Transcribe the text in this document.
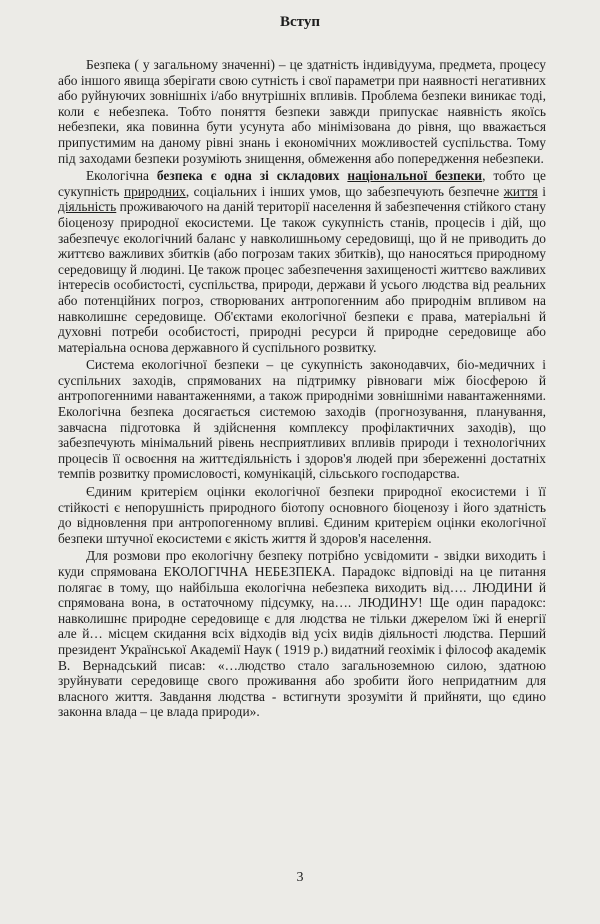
Вступ

Безпека ( у загальному значенні) – це здатність індивідуума, предмета, процесу або іншого явища зберігати свою сутність і свої параметри при наявності негативних або руйнуючих зовнішніх і/або внутрішніх впливів. Проблема безпеки виникає тоді, коли є небезпека. Тобто поняття безпеки завжди припускає наявність якоїсь небезпеки, яка повинна бути усунута або мінімізована до рівня, що вважається припустимим на даному рівні знань і економічних можливостей суспільства. Тому під заходами безпеки розуміють знищення, обмеження або попередження небезпеки.

Екологічна безпека є одна зі складових національної безпеки, тобто це сукупність природних, соціальних і інших умов, що забезпечують безпечне життя і діяльність проживаючого на даній території населення й забезпечення стійкого стану біоценозу природної екосистеми. Це також сукупність станів, процесів і дій, що забезпечує екологічний баланс у навколишньому середовищі, що й не приводить до життєво важливих збитків (або погрозам таких збитків), що наносяться природному середовищу й людині. Це також процес забезпечення захищеності життєво важливих інтересів особистості, суспільства, природи, держави й усього людства від реальних або потенційних погроз, створюваних антропогенним або природнім впливом на навколишнє середовище. Об'єктами екологічної безпеки є права, матеріальні й духовні потреби особистості, природні ресурси й природне середовище або матеріальна основа державного й суспільного розвитку.

Система екологічної безпеки – це сукупність законодавчих, біо-медичних і суспільних заходів, спрямованих на підтримку рівноваги між біосферою й антропогенними навантаженнями, а також природніми зовнішніми навантаженнями. Екологічна безпека досягається системою заходів (прогнозування, планування, завчасна підготовка й здійснення комплексу профілактичних заходів), що забезпечують мінімальний рівень несприятливих впливів природи і технологічних процесів її освоєння на життєдіяльність і здоров'я людей при збереженні достатніх темпів розвитку промисловості, комунікацій, сільського господарства.

Єдиним критерієм оцінки екологічної безпеки природної екосистеми і її стійкості є непорушність природного біотопу основного біоценозу і його здатність до відновлення при антропогенному впливі. Єдиним критерієм оцінки екологічної безпеки штучної екосистеми є якість життя й здоров'я населення.

Для розмови про екологічну безпеку потрібно усвідомити - звідки виходить і куди спрямована ЕКОЛОГІЧНА НЕБЕЗПЕКА. Парадокс відповіді на це питання полягає в тому, що найбільша екологічна небезпека виходить від…. ЛЮДИНИ й спрямована вона, в остаточному підсумку, на…. ЛЮДИНУ! Ще один парадокс: навколишнє природне середовище є для людства не тільки джерелом їжі й енергії але й… місцем скидання всіх відходів від усіх видів діяльності людства. Перший президент Української Академії Наук ( 1919 р.) видатний геохімік і філософ академік В. Вернадський писав: «…людство стало загальноземною силою, здатною зруйнувати середовище свого проживання або зробити його непридатним для власного життя. Завдання людства - встигнути зрозуміти й прийняти, що єдино законна влада – це влада природи».

3
